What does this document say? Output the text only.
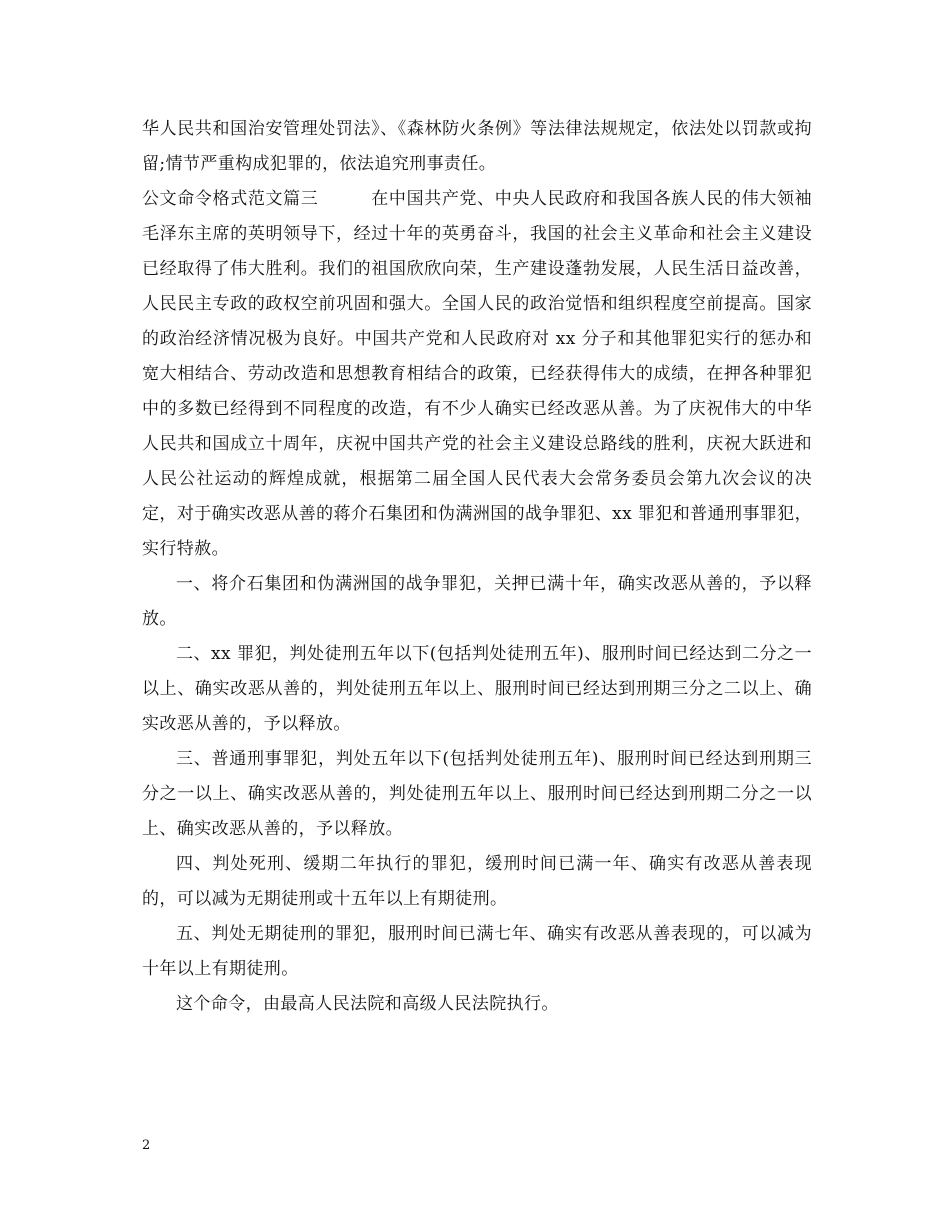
华人民共和国治安管理处罚法》、《森林防火条例》等法律法规规定，依法处以罚款或拘留;情节严重构成犯罪的，依法追究刑事责任。

公文命令格式范文篇三　　　在中国共产党、中央人民政府和我国各族人民的伟大领袖毛泽东主席的英明领导下，经过十年的英勇奋斗，我国的社会主义革命和社会主义建设已经取得了伟大胜利。我们的祖国欣欣向荣，生产建设蓬勃发展，人民生活日益改善，人民民主专政的政权空前巩固和强大。全国人民的政治觉悟和组织程度空前提高。国家的政治经济情况极为良好。中国共产党和人民政府对 xx 分子和其他罪犯实行的惩办和宽大相结合、劳动改造和思想教育相结合的政策，已经获得伟大的成绩，在押各种罪犯中的多数已经得到不同程度的改造，有不少人确实已经改恶从善。为了庆祝伟大的中华人民共和国成立十周年，庆祝中国共产党的社会主义建设总路线的胜利，庆祝大跃进和人民公社运动的辉煌成就，根据第二届全国人民代表大会常务委员会第九次会议的决定，对于确实改恶从善的蒋介石集团和伪满洲国的战争罪犯、xx 罪犯和普通刑事罪犯，实行特赦。

一、将介石集团和伪满洲国的战争罪犯，关押已满十年，确实改恶从善的，予以释放。

二、xx 罪犯，判处徒刑五年以下(包括判处徒刑五年)、服刑时间已经达到二分之一以上、确实改恶从善的，判处徒刑五年以上、服刑时间已经达到刑期三分之二以上、确实改恶从善的，予以释放。

三、普通刑事罪犯，判处五年以下(包括判处徒刑五年)、服刑时间已经达到刑期三分之一以上、确实改恶从善的，判处徒刑五年以上、服刑时间已经达到刑期二分之一以上、确实改恶从善的，予以释放。

四、判处死刑、缓期二年执行的罪犯，缓刑时间已满一年、确实有改恶从善表现的，可以减为无期徒刑或十五年以上有期徒刑。

五、判处无期徒刑的罪犯，服刑时间已满七年、确实有改恶从善表现的，可以减为十年以上有期徒刑。

这个命令，由最高人民法院和高级人民法院执行。

2
